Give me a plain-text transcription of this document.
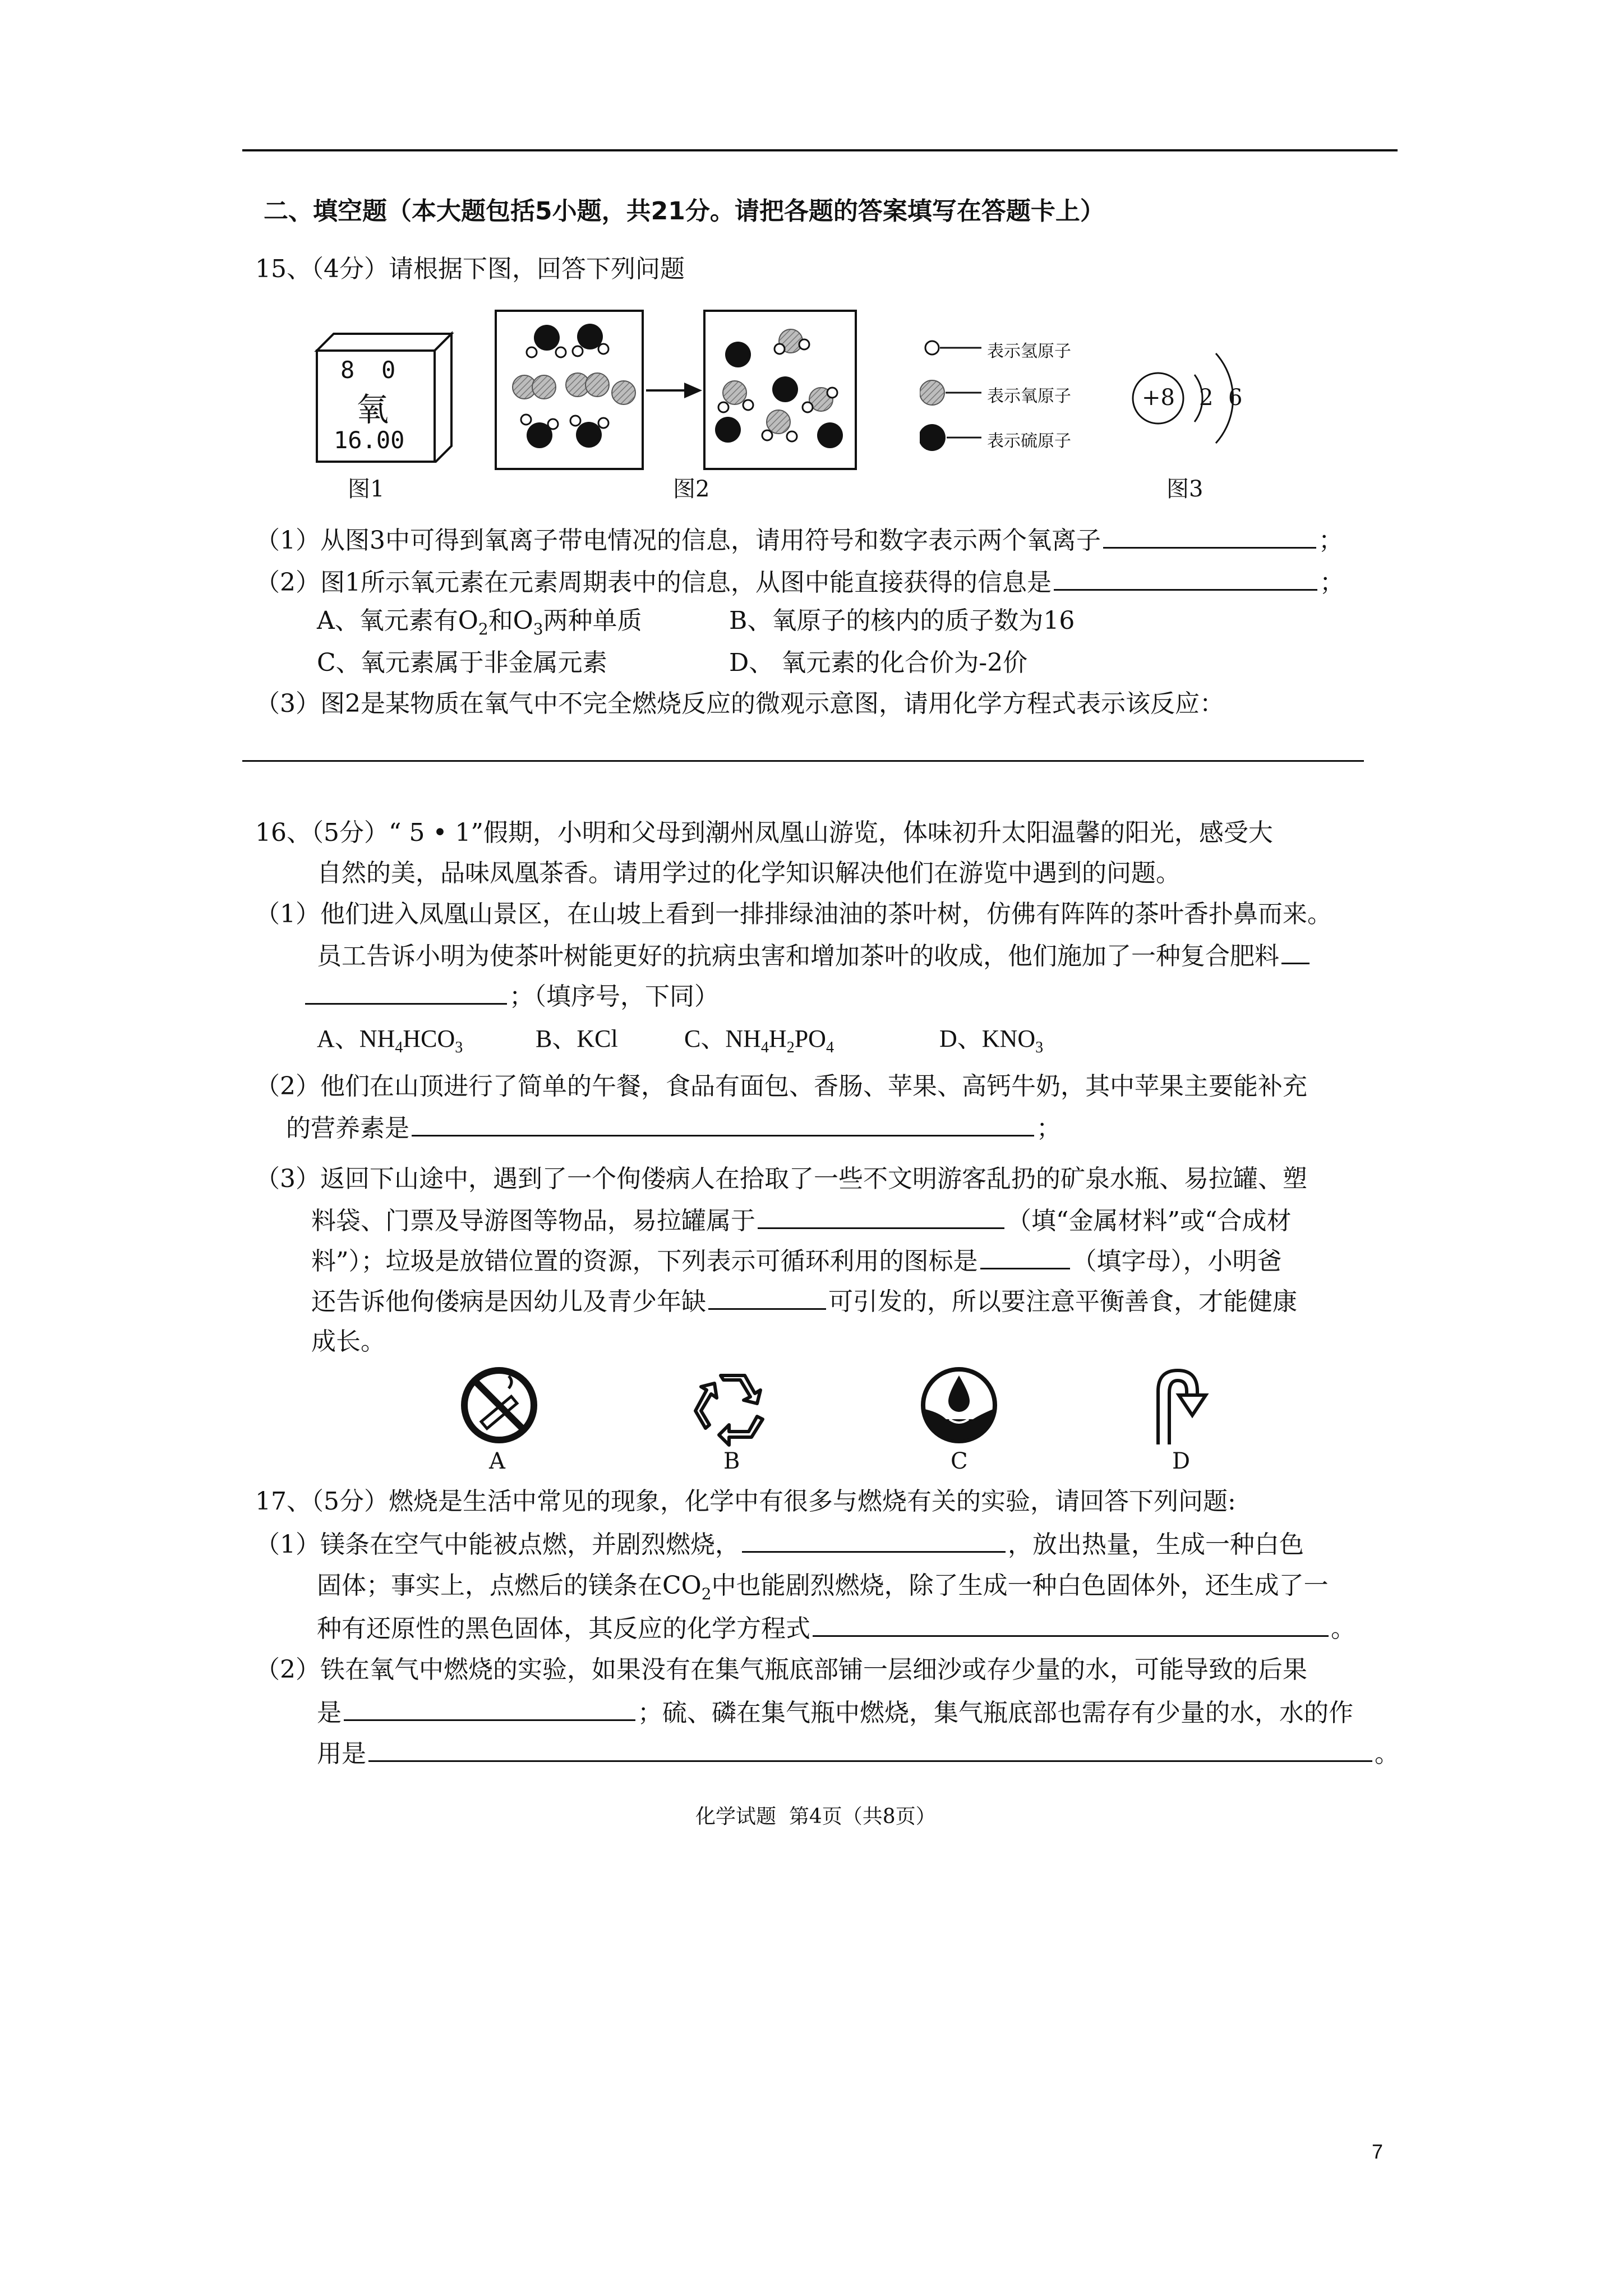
二、填空题（本大题包括5小题，共21分。请把各题的答案填写在答题卡上）
15、（4分）请根据下图，回答下列问题
8 0
氧
16.00
表示氢原子
表示氧原子
表示硫原子
+8 2 6
图1	图2	图3
（1）从图3中可得到氧离子带电情况的信息，请用符号和数字表示两个氧离子	；
（2）图1所示氧元素在元素周期表中的信息，从图中能直接获得的信息是	；
A、氧元素有$O_2$和$O_3$两种单质	B、氧原子的核内的质子数为16
C、氧元素属于非金属元素	D、 氧元素的化合价为-2价
（3）图2是某物质在氧气中不完全燃烧反应的微观示意图，请用化学方程式表示该反应：
16、（5分）“ 5 • 1”假期，小明和父母到潮州凤凰山游览，体味初升太阳温馨的阳光，感受大
自然的美，品味凤凰茶香。请用学过的化学知识解决他们在游览中遇到的问题。
（1）他们进入凤凰山景区，在山坡上看到一排排绿油油的茶叶树，仿佛有阵阵的茶叶香扑鼻而来。
员工告诉小明为使茶叶树能更好的抗病虫害和增加茶叶的收成，他们施加了一种复合肥料
；（填序号，下同）
A、$NH_4HCO_3$	B、KCl	C、$NH_4H_2PO_4$	D、$KNO_3$
（2）他们在山顶进行了简单的午餐，食品有面包、香肠、苹果、高钙牛奶，其中苹果主要能补充
的营养素是	；
（3）返回下山途中，遇到了一个佝偻病人在拾取了一些不文明游客乱扔的矿泉水瓶、易拉罐、塑
料袋、门票及导游图等物品，易拉罐属于	（填“金属材料”或“合成材
料”）；垃圾是放错位置的资源，下列表示可循环利用的图标是	（填字母），小明爸
还告诉他佝偻病是因幼儿及青少年缺	可引发的，所以要注意平衡善食，才能健康
成长。
A	B	C	D
17、（5分）燃烧是生活中常见的现象，化学中有很多与燃烧有关的实验，请回答下列问题:
（1）镁条在空气中能被点燃，并剧烈燃烧，	，放出热量，生成一种白色
固体；事实上，点燃后的镁条在$CO_2$中也能剧烈燃烧，除了生成一种白色固体外，还生成了一
种有还原性的黑色固体，其反应的化学方程式	。
（2）铁在氧气中燃烧的实验，如果没有在集气瓶底部铺一层细沙或存少量的水，可能导致的后果
是	；硫、磷在集气瓶中燃烧，集气瓶底部也需存有少量的水，水的作
用是	。
化学试题  第4页（共8页）
7
